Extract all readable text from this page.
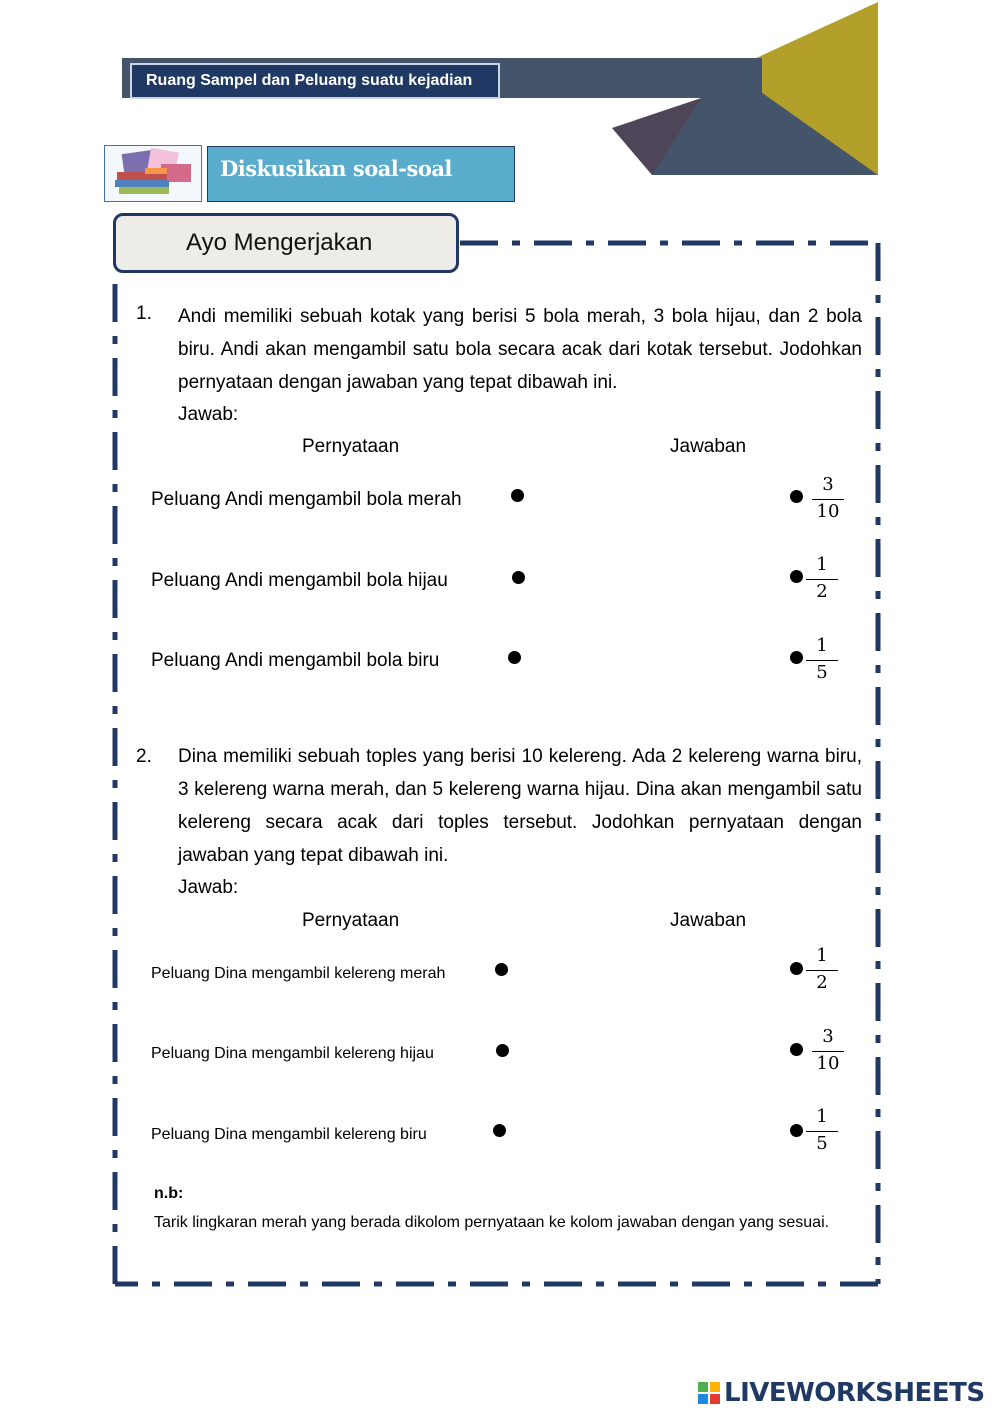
Ruang Sampel dan Peluang suatu kejadian
Diskusikan soal-soal
Ayo Mengerjakan
1. Andi memiliki sebuah kotak yang berisi 5 bola merah, 3 bola hijau, dan 2 bola biru. Andi akan mengambil satu bola secara acak dari kotak tersebut. Jodohkan pernyataan dengan jawaban yang tepat dibawah ini.
Jawab:
Pernyataan	Jawaban
Peluang Andi mengambil bola merah
3
10
Peluang Andi mengambil bola hijau
1
2
Peluang Andi mengambil bola biru
1
5
2. Dina memiliki sebuah toples yang berisi 10 kelereng. Ada 2 kelereng warna biru, 3 kelereng warna merah, dan 5 kelereng warna hijau. Dina akan mengambil satu kelereng secara acak dari toples tersebut. Jodohkan pernyataan dengan jawaban yang tepat dibawah ini.
Jawab:
Pernyataan	Jawaban
Peluang Dina mengambil kelereng merah
1
2
Peluang Dina mengambil kelereng hijau
3
10
Peluang Dina mengambil kelereng biru
1
5
n.b:
Tarik lingkaran merah yang berada dikolom pernyataan ke kolom jawaban dengan yang sesuai.
LIVEWORKSHEETS
